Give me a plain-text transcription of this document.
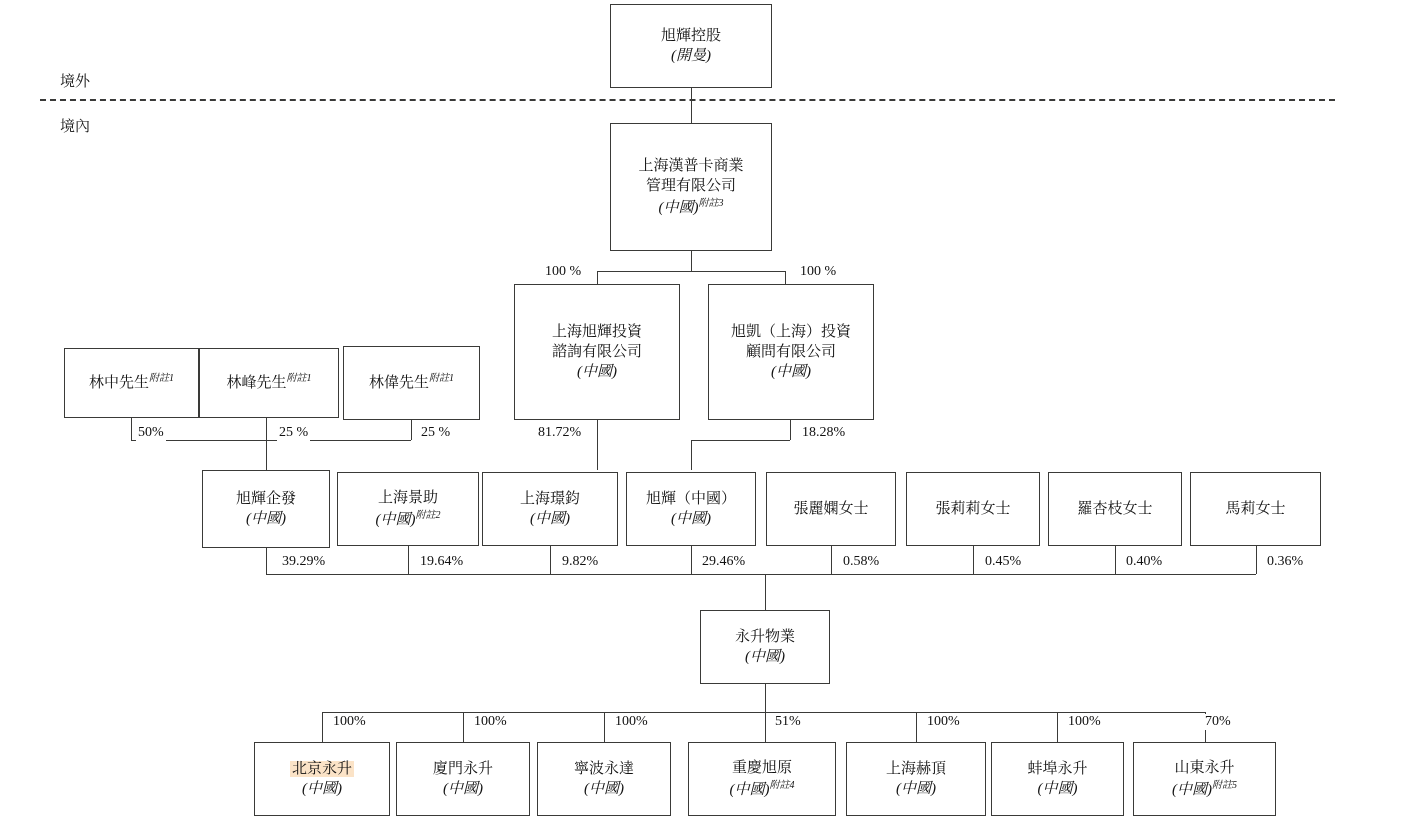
境外
境內
旭輝控股
(開曼)
上海漢普卡商業
管理有限公司
(中國)$^{附註3}$
100 %	100 %
上海旭輝投資
諮詢有限公司
(中國)
旭凱（上海）投資
顧問有限公司
(中國)
林中先生$^{附註1}$	林峰先生$^{附註1}$	林偉先生$^{附註1}$
50%	25 %	25 %	81.72%	18.28%
旭輝企發
(中國)
上海景助
(中國)$^{附註2}$
上海璟鈞
(中國)
旭輝（中國）
(中國)
張麗嫻女士	張莉莉女士	羅杏枝女士	馬莉女士
39.29%	19.64%	9.82%	29.46%	0.58%	0.45%	0.40%	0.36%
永升物業
(中國)
100%	100%	100%	51%	100%	100%	70%
北京永升
(中國)
廈門永升
(中國)
寧波永達
(中國)
重慶旭原
(中國)$^{附註4}$
上海赫頂
(中國)
蚌埠永升
(中國)
山東永升
(中國)$^{附註5}$
